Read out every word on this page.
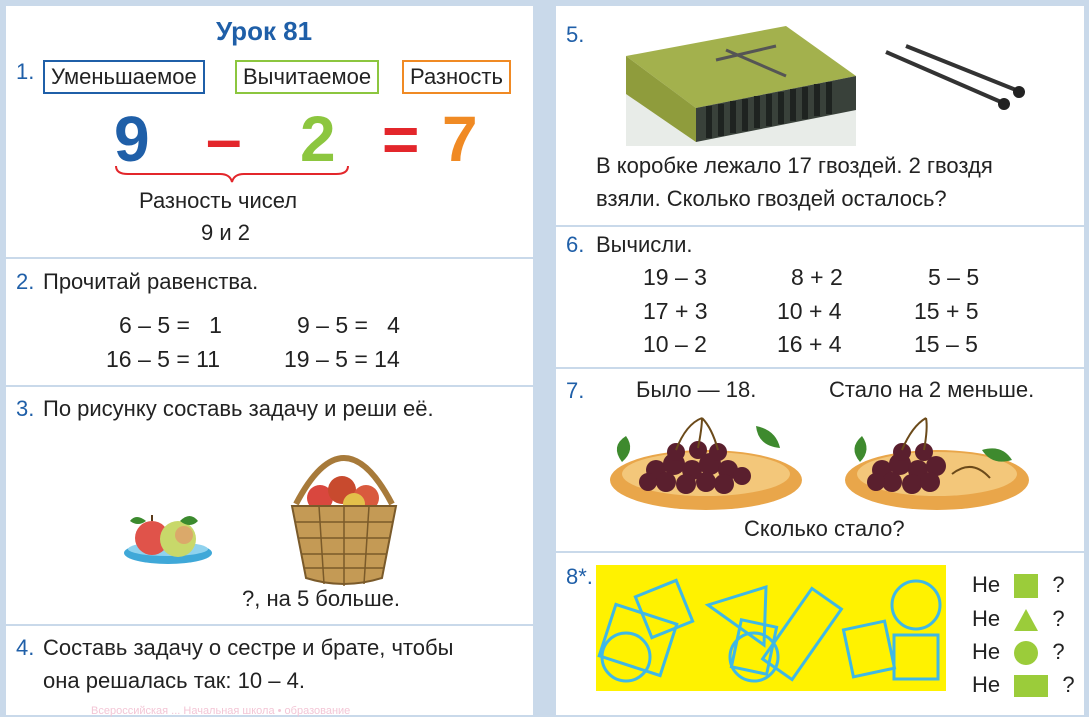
Урок 81
1. Уменьшаемое	Вычитаемое	Разность
9 – 2 = 7
Разность чисел
9 и 2
2. Прочитай равенства.
6 – 5 =   1	9 – 5 =   4
16 – 5 = 11	19 – 5 = 14
3. По рисунку составь задачу и реши её.
?, на 5 больше.
4. Составь задачу о сестре и брате, чтобы
она решалась так: 10 – 4.
Всероссийская ... Начальная школа • образование
5.
В коробке лежало 17 гвоздей. 2 гвоздя
взяли. Сколько гвоздей осталось?
6. Вычисли.
19 – 3	8 + 2	5 – 5
17 + 3	10 + 4	15 + 5
10 – 2	16 + 4	15 – 5
7. Было — 18.	Стало на 2 меньше.
Сколько стало?
8*.	Не ?
Не ?
Не ?
Не	?
